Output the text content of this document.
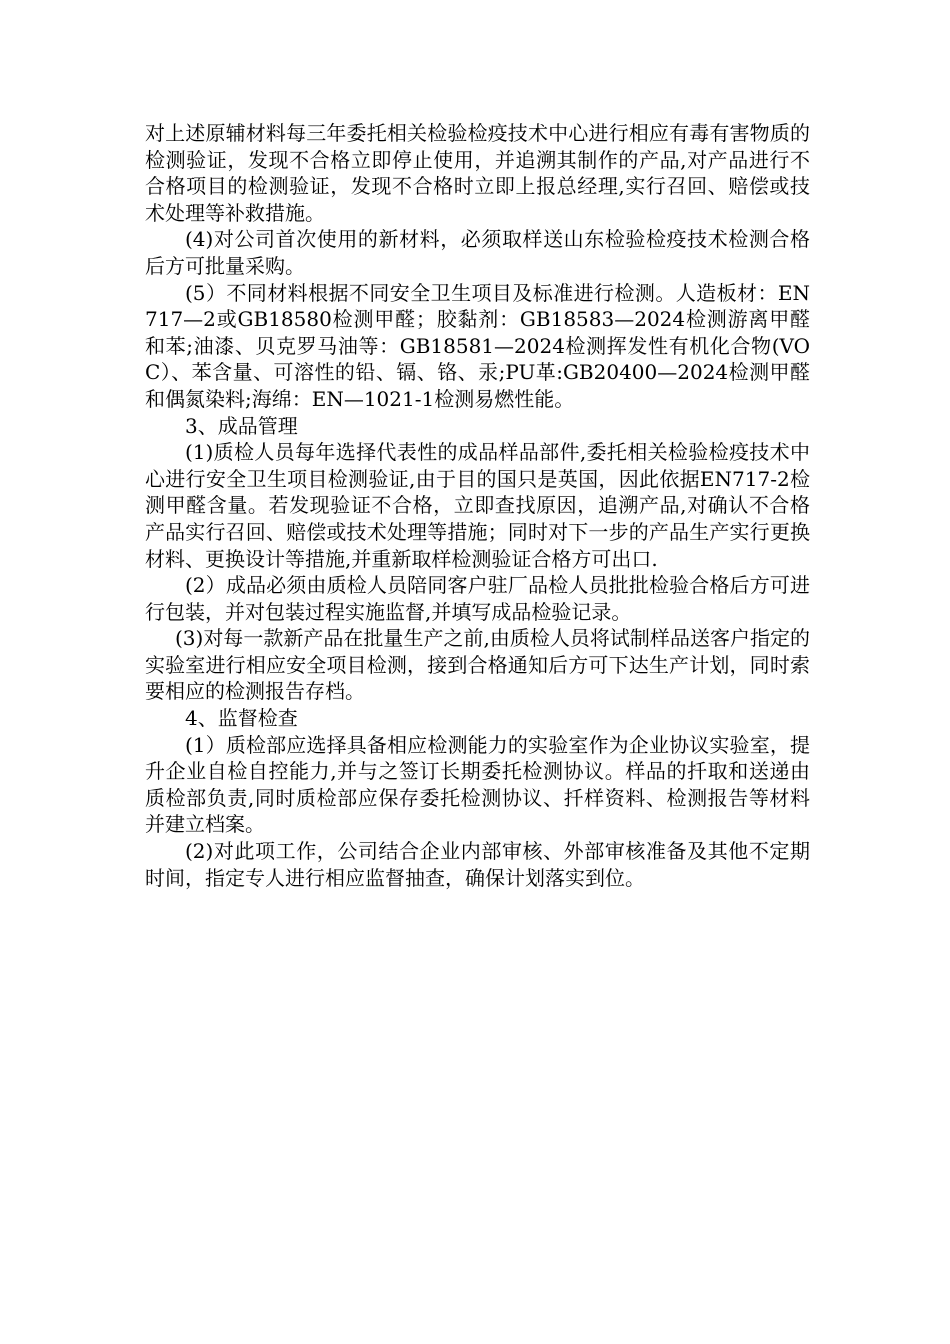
对上述原辅材料每三年委托相关检验检疫技术中心进行相应有毒有害物质的检测验证，发现不合格立即停止使用，并追溯其制作的产品,对产品进行不合格项目的检测验证，发现不合格时立即上报总经理,实行召回、赔偿或技术处理等补救措施。

(4)对公司首次使用的新材料，必须取样送山东检验检疫技术检测合格后方可批量采购。

(5）不同材料根据不同安全卫生项目及标准进行检测。人造板材：EN717—2或GB18580检测甲醛；胶黏剂：GB18583—2024检测游离甲醛和苯;油漆、贝克罗马油等：GB18581—2024检测挥发性有机化合物(VOC）、苯含量、可溶性的铅、镉、铬、汞;PU革:GB20400—2024检测甲醛和偶氮染料;海绵：EN—1021-1检测易燃性能。

3、成品管理

(1)质检人员每年选择代表性的成品样品部件,委托相关检验检疫技术中心进行安全卫生项目检测验证,由于目的国只是英国，因此依据EN717-2检测甲醛含量。若发现验证不合格，立即查找原因，追溯产品,对确认不合格产品实行召回、赔偿或技术处理等措施；同时对下一步的产品生产实行更换材料、更换设计等措施,并重新取样检测验证合格方可出口.

(2）成品必须由质检人员陪同客户驻厂品检人员批批检验合格后方可进行包装，并对包装过程实施监督,并填写成品检验记录。

(3)对每一款新产品在批量生产之前,由质检人员将试制样品送客户指定的实验室进行相应安全项目检测，接到合格通知后方可下达生产计划，同时索要相应的检测报告存档。

4、监督检查

(1）质检部应选择具备相应检测能力的实验室作为企业协议实验室，提升企业自检自控能力,并与之签订长期委托检测协议。样品的扦取和送递由质检部负责,同时质检部应保存委托检测协议、扦样资料、检测报告等材料并建立档案。

(2)对此项工作，公司结合企业内部审核、外部审核准备及其他不定期时间，指定专人进行相应监督抽查，确保计划落实到位。
